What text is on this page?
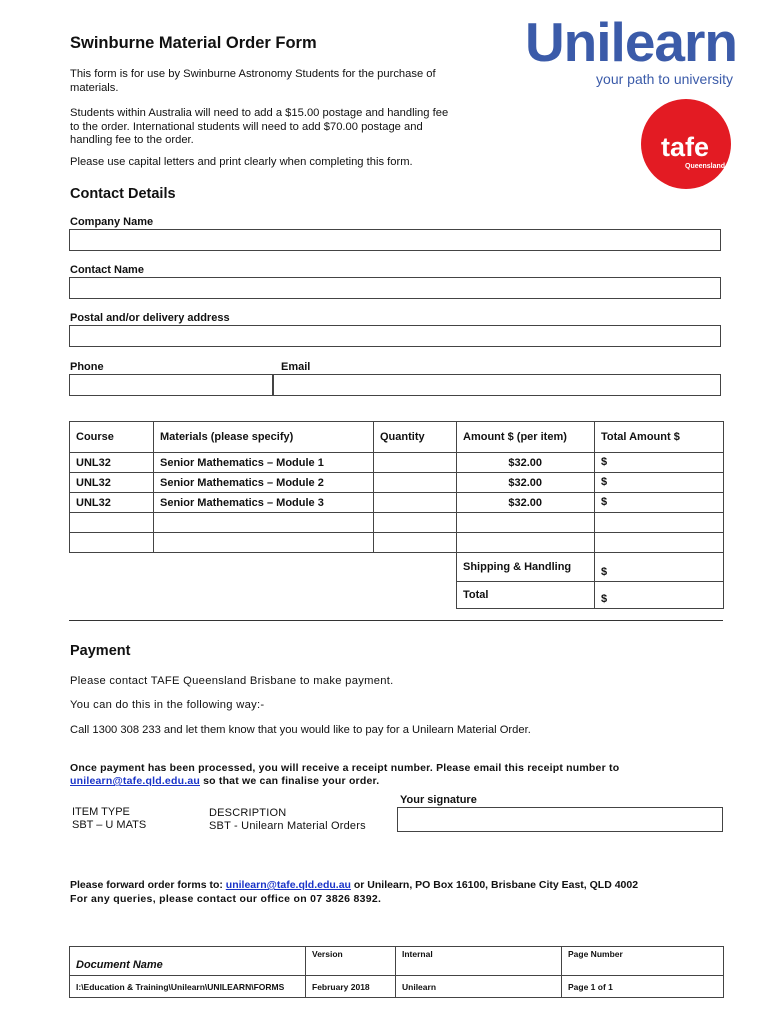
Swinburne Material Order Form
This form is for use by Swinburne Astronomy Students for the purchase of materials.
Students within Australia will need to add a $15.00 postage and handling fee to the order. International students will need to add $70.00 postage and handling fee to the order.
Please use capital letters and print clearly when completing this form.
Unilearn
your path to university
tafe
Queensland
Contact Details
Company Name
Contact Name
Postal and/or delivery address
Phone	Email
Course	Materials (please specify)	Quantity	Amount $ (per item)	Total Amount $
UNL32	Senior Mathematics – Module 1		$32.00	$
UNL32	Senior Mathematics – Module 2		$32.00	$
UNL32	Senior Mathematics – Module 3		$32.00	$

			Shipping & Handling	$
			Total	$
Payment
Please contact TAFE Queensland Brisbane to make payment.
You can do this in the following way:-
Call 1300 308 233 and let them know that you would like to pay for a Unilearn Material Order.
Once payment has been processed, you will receive a receipt number. Please email this receipt number to
unilearn@tafe.qld.edu.au so that we can finalise your order.
Your signature
ITEM TYPE
SBT – U MATS
DESCRIPTION
SBT - Unilearn Material Orders
Please forward order forms to: unilearn@tafe.qld.edu.au or Unilearn, PO Box 16100, Brisbane City East, QLD 4002
For any queries, please contact our office on 07 3826 8392.
Document Name	Version	Internal	Page Number
I:\Education & Training\Unilearn\UNILEARN\FORMS	February 2018	Unilearn	Page 1 of 1
